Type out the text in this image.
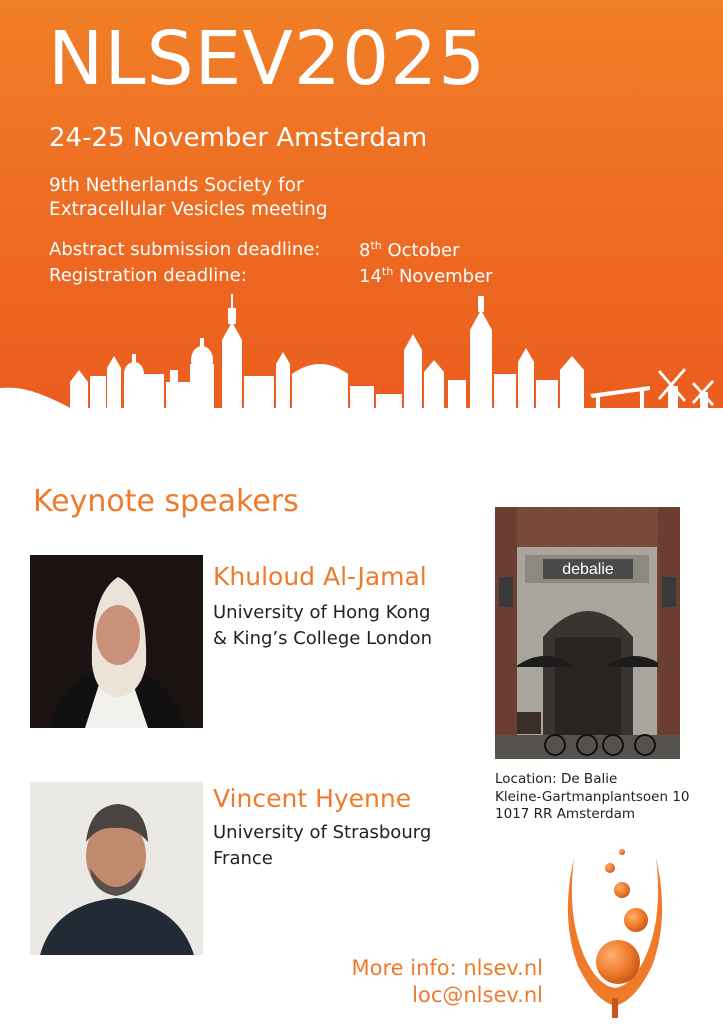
NLSEV2025
24-25 November Amsterdam
9th Netherlands Society for
Extracellular Vesicles meeting
Abstract submission deadline: 8th October
Registration deadline:	14th November
Keynote speakers
Khuloud Al-Jamal
University of Hong Kong
& King’s College London
Vincent Hyenne
University of Strasbourg
France
debalie
Location: De Balie
Kleine-Gartmanplantsoen 10
1017 RR Amsterdam
More info: nlsev.nl
loc@nlsev.nl
